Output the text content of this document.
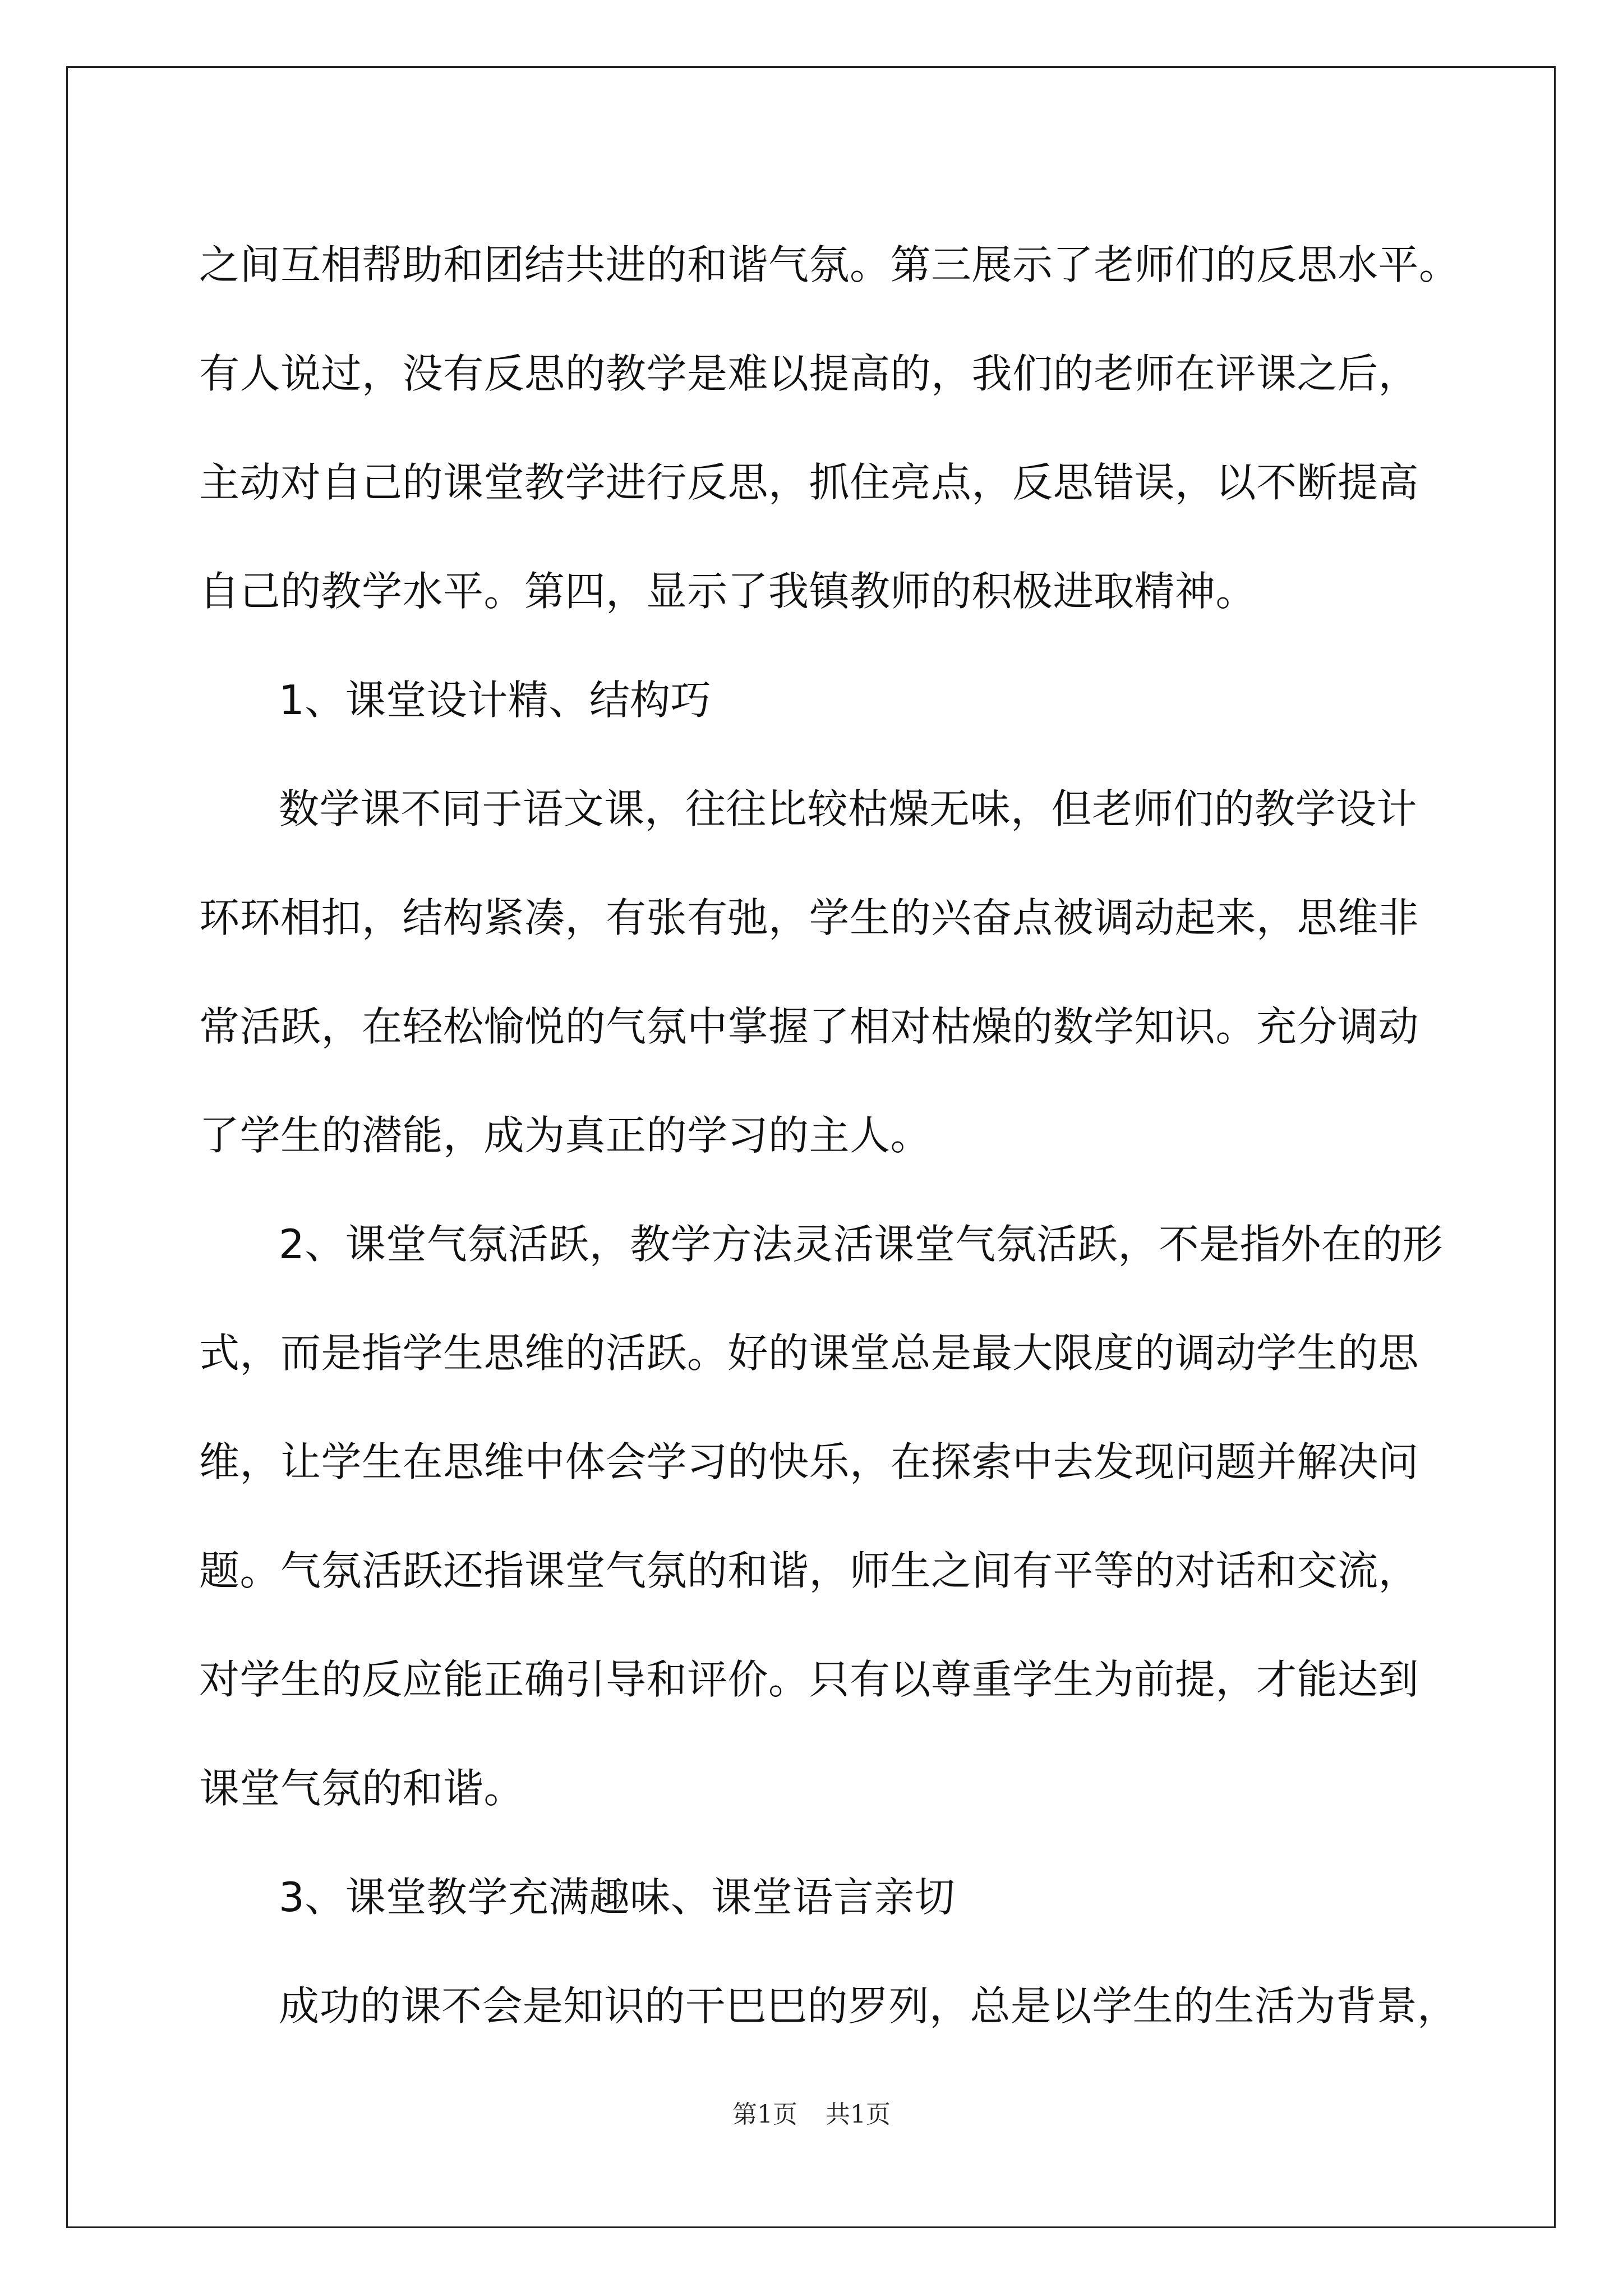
之间互相帮助和团结共进的和谐气氛。第三展示了老师们的反思水平。
有人说过，没有反思的教学是难以提高的，我们的老师在评课之后，
主动对自己的课堂教学进行反思，抓住亮点，反思错误，以不断提高
自己的教学水平。第四，显示了我镇教师的积极进取精神。
1、课堂设计精、结构巧
数学课不同于语文课，往往比较枯燥无味，但老师们的教学设计
环环相扣，结构紧凑，有张有弛，学生的兴奋点被调动起来，思维非
常活跃，在轻松愉悦的气氛中掌握了相对枯燥的数学知识。充分调动
了学生的潜能，成为真正的学习的主人。
2、课堂气氛活跃，教学方法灵活课堂气氛活跃，不是指外在的形
式，而是指学生思维的活跃。好的课堂总是最大限度的调动学生的思
维，让学生在思维中体会学习的快乐，在探索中去发现问题并解决问
题。气氛活跃还指课堂气氛的和谐，师生之间有平等的对话和交流，
对学生的反应能正确引导和评价。只有以尊重学生为前提，才能达到
课堂气氛的和谐。
3、课堂教学充满趣味、课堂语言亲切
成功的课不会是知识的干巴巴的罗列，总是以学生的生活为背景，
第1页 共1页
